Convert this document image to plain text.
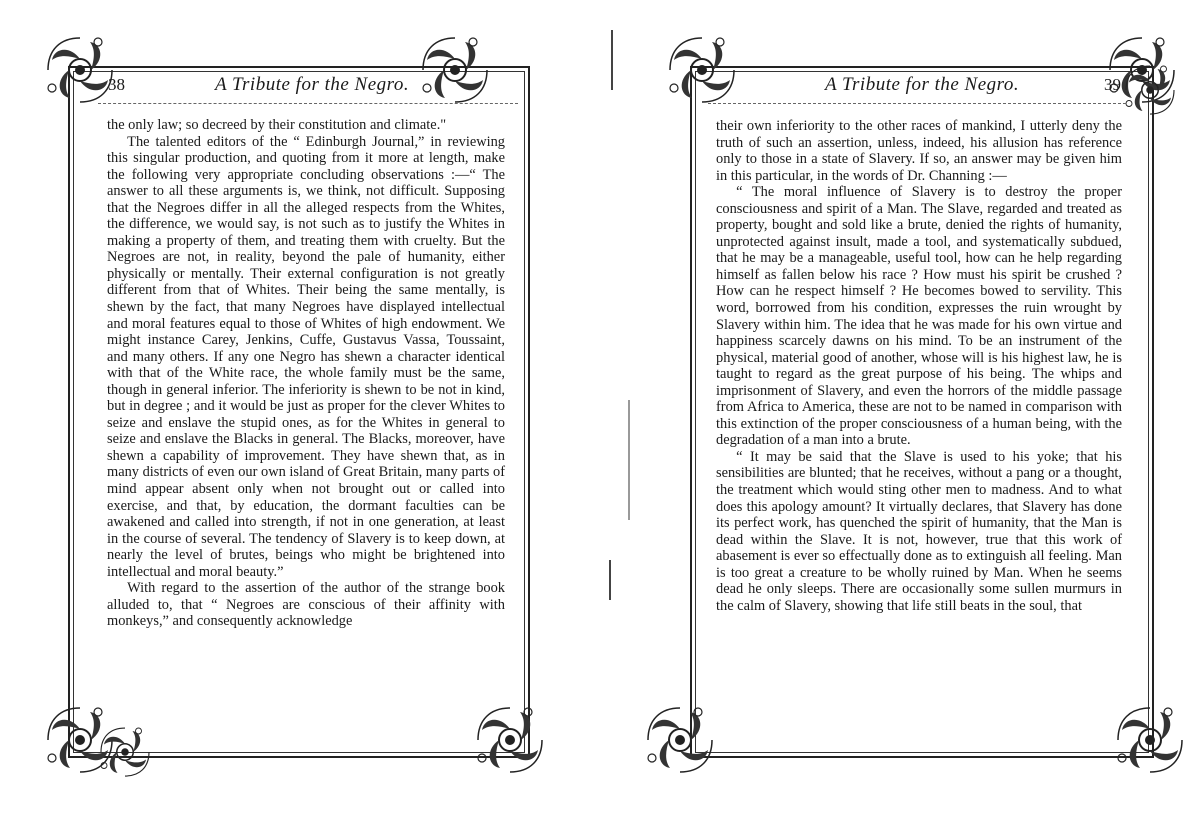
38	A Tribute for the Negro.

the only law; so decreed by their constitution and climate."

The talented editors of the “ Edinburgh Journal,” in reviewing this singular production, and quoting from it more at length, make the following very appropriate concluding observations :—“ The answer to all these arguments is, we think, not difficult. Supposing that the Negroes differ in all the alleged respects from the Whites, the difference, we would say, is not such as to justify the Whites in making a property of them, and treating them with cruelty. But the Negroes are not, in reality, beyond the pale of humanity, either physically or mentally. Their external configuration is not greatly different from that of Whites. Their being the same mentally, is shewn by the fact, that many Negroes have displayed intellectual and moral features equal to those of Whites of high endowment. We might instance Carey, Jenkins, Cuffe, Gustavus Vassa, Toussaint, and many others. If any one Negro has shewn a character identical with that of the White race, the whole family must be the same, though in general inferior. The inferiority is shewn to be not in kind, but in degree ; and it would be just as proper for the clever Whites to seize and enslave the stupid ones, as for the Whites in general to seize and enslave the Blacks in general. The Blacks, moreover, have shewn a capability of improvement. They have shewn that, as in many districts of even our own island of Great Britain, many parts of mind appear absent only when not brought out or called into exercise, and that, by education, the dormant faculties can be awakened and called into strength, if not in one generation, at least in the course of several. The tendency of Slavery is to keep down, at nearly the level of brutes, beings who might be brightened into intellectual and moral beauty.”

With regard to the assertion of the author of the strange book alluded to, that “ Negroes are conscious of their affinity with monkeys,” and consequently acknowledge

A Tribute for the Negro.	39

their own inferiority to the other races of mankind, I utterly deny the truth of such an assertion, unless, indeed, his allusion has reference only to those in a state of Slavery. If so, an answer may be given him in this particular, in the words of Dr. Channing :—

“ The moral influence of Slavery is to destroy the proper consciousness and spirit of a Man. The Slave, regarded and treated as property, bought and sold like a brute, denied the rights of humanity, unprotected against insult, made a tool, and systematically subdued, that he may be a manageable, useful tool, how can he help regarding himself as fallen below his race ? How must his spirit be crushed ? How can he respect himself ? He becomes bowed to servility. This word, borrowed from his condition, expresses the ruin wrought by Slavery within him. The idea that he was made for his own virtue and happiness scarcely dawns on his mind. To be an instrument of the physical, material good of another, whose will is his highest law, he is taught to regard as the great purpose of his being. The whips and imprisonment of Slavery, and even the horrors of the middle passage from Africa to America, these are not to be named in comparison with this extinction of the proper consciousness of a human being, with the degradation of a man into a brute.

“ It may be said that the Slave is used to his yoke; that his sensibilities are blunted; that he receives, without a pang or a thought, the treatment which would sting other men to madness. And to what does this apology amount? It virtually declares, that Slavery has done its perfect work, has quenched the spirit of humanity, that the Man is dead within the Slave. It is not, however, true that this work of abasement is ever so effectually done as to extinguish all feeling. Man is too great a creature to be wholly ruined by Man. When he seems dead he only sleeps. There are occasionally some sullen murmurs in the calm of Slavery, showing that life still beats in the soul, that
